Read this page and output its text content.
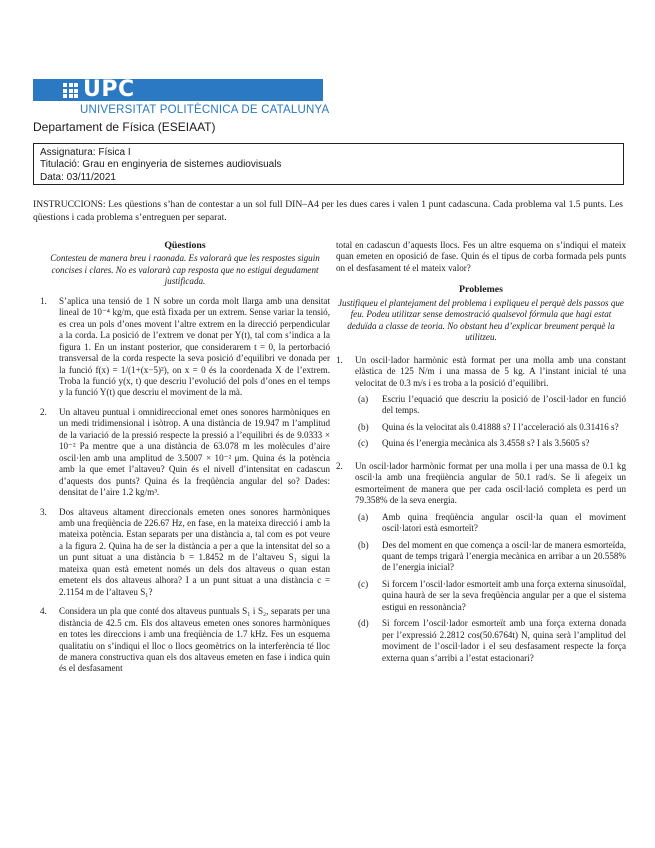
UPC
UNIVERSITAT POLITÈCNICA DE CATALUNYA
Departament de Física (ESEIAAT)
Assignatura: Física I
Titulació: Grau en enginyeria de sistemes audiovisuals
Data: 03/11/2021
INSTRUCCIONS: Les qüestions s’han de contestar a un sol full DIN–A4 per les dues cares i valen 1 punt cadascuna. Cada problema val 1.5 punts. Les qüestions i cada problema s’entreguen per separat.
Qüestions
Contesteu de manera breu i raonada. Es valorarà que les respostes siguin concises i clares. No es valorarà cap resposta que no estigui degudament justificada.
1. S’aplica una tensió de 1 N sobre un corda molt llarga amb una densitat lineal de 10⁻⁴ kg/m, que està fixada per un extrem. Sense variar la tensió, es crea un pols d’ones movent l’altre extrem en la direcció perpendicular a la corda. La posició de l’extrem ve donat per Y(t), tal com s’indica a la figura 1. En un instant posterior, que considerarem t = 0, la pertorbació transversal de la corda respecte la seva posició d’equilibri ve donada per la funció f(x) = 1/(1+(x−5)²), on x = 0 és la coordenada X de l’extrem. Troba la funció y(x, t) que descriu l’evolució del pols d’ones en el temps y la funció Y(t) que descriu el moviment de la mà.
2. Un altaveu puntual i omnidireccional emet ones sonores harmòniques en un medi tridimensional i isòtrop. A una distància de 19.947 m l’amplitud de la variació de la pressió respecte la pressió a l’equilibri és de 9.0333 × 10⁻² Pa mentre que a una distància de 63.078 m les molècules d’aire oscil·len amb una amplitud de 3.5007 × 10⁻² μm. Quina és la potència amb la que emet l’altaveu? Quin és el nivell d’intensitat en cadascun d’aquests dos punts? Quina és la freqüència angular del so? Dades: densitat de l’aire 1.2 kg/m³.
3. Dos altaveus altament direccionals emeten ones sonores harmòniques amb una freqüència de 226.67 Hz, en fase, en la mateixa direcció i amb la mateixa potència. Estan separats per una distància a, tal com es pot veure a la figura 2. Quina ha de ser la distància a per a que la intensitat del so a un punt situat a una distància b = 1.8452 m de l’altaveu S₁ sigui la mateixa quan està emetent només un dels dos altaveus o quan estan emetent els dos altaveus alhora? I a un punt situat a una distància c = 2.1154 m de l’altaveu S₁?
4. Considera un pla que conté dos altaveus puntuals S₁ i S₂, separats per una distància de 42.5 cm. Els dos altaveus emeten ones sonores harmòniques en totes les direccions i amb una freqüència de 1.7 kHz. Fes un esquema qualitatiu on s’indiqui el lloc o llocs geomètrics on la interferència té lloc de manera constructiva quan els dos altaveus emeten en fase i indica quin és el desfasament
total en cadascun d’aquests llocs. Fes un altre esquema on s’indiqui el mateix quan emeten en oposició de fase. Quin és el tipus de corba formada pels punts on el desfasament té el mateix valor?
Problemes
Justifiqueu el plantejament del problema i expliqueu el perquè dels passos que feu. Podeu utilitzar sense demostració qualsevol fórmula que hagi estat deduïda a classe de teoria. No obstant heu d’explicar breument perquè la utilitzeu.
1. Un oscil·lador harmònic està format per una molla amb una constant elàstica de 125 N/m i una massa de 5 kg. A l’instant inicial té una velocitat de 0.3 m/s i es troba a la posició d’equilibri.
(a) Escriu l’equació que descriu la posició de l’oscil·lador en funció del temps.
(b) Quina és la velocitat als 0.41888 s? I l’acceleració als 0.31416 s?
(c) Quina és l’energia mecànica als 3.4558 s? I als 3.5605 s?
2. Un oscil·lador harmònic format per una molla i per una massa de 0.1 kg oscil·la amb una freqüència angular de 50.1 rad/s. Se li afegeix un esmorteïment de manera que per cada oscil·lació completa es perd un 79.358% de la seva energia.
(a) Amb quina freqüència angular oscil·la quan el moviment oscil·latori està esmorteït?
(b) Des del moment en que comença a oscil·lar de manera esmorteïda, quant de temps trigarà l’energia mecànica en arribar a un 20.558% de l’energia inicial?
(c) Si forcem l’oscil·lador esmorteït amb una força externa sinusoïdal, quina haurà de ser la seva freqüència angular per a que el sistema estigui en ressonància?
(d) Si forcem l’oscil·lador esmorteït amb una força externa donada per l’expressió 2.2812 cos(50.6764t) N, quina serà l’amplitud del moviment de l’oscil·lador i el seu desfasament respecte la força externa quan s’arribi a l’estat estacionari?
